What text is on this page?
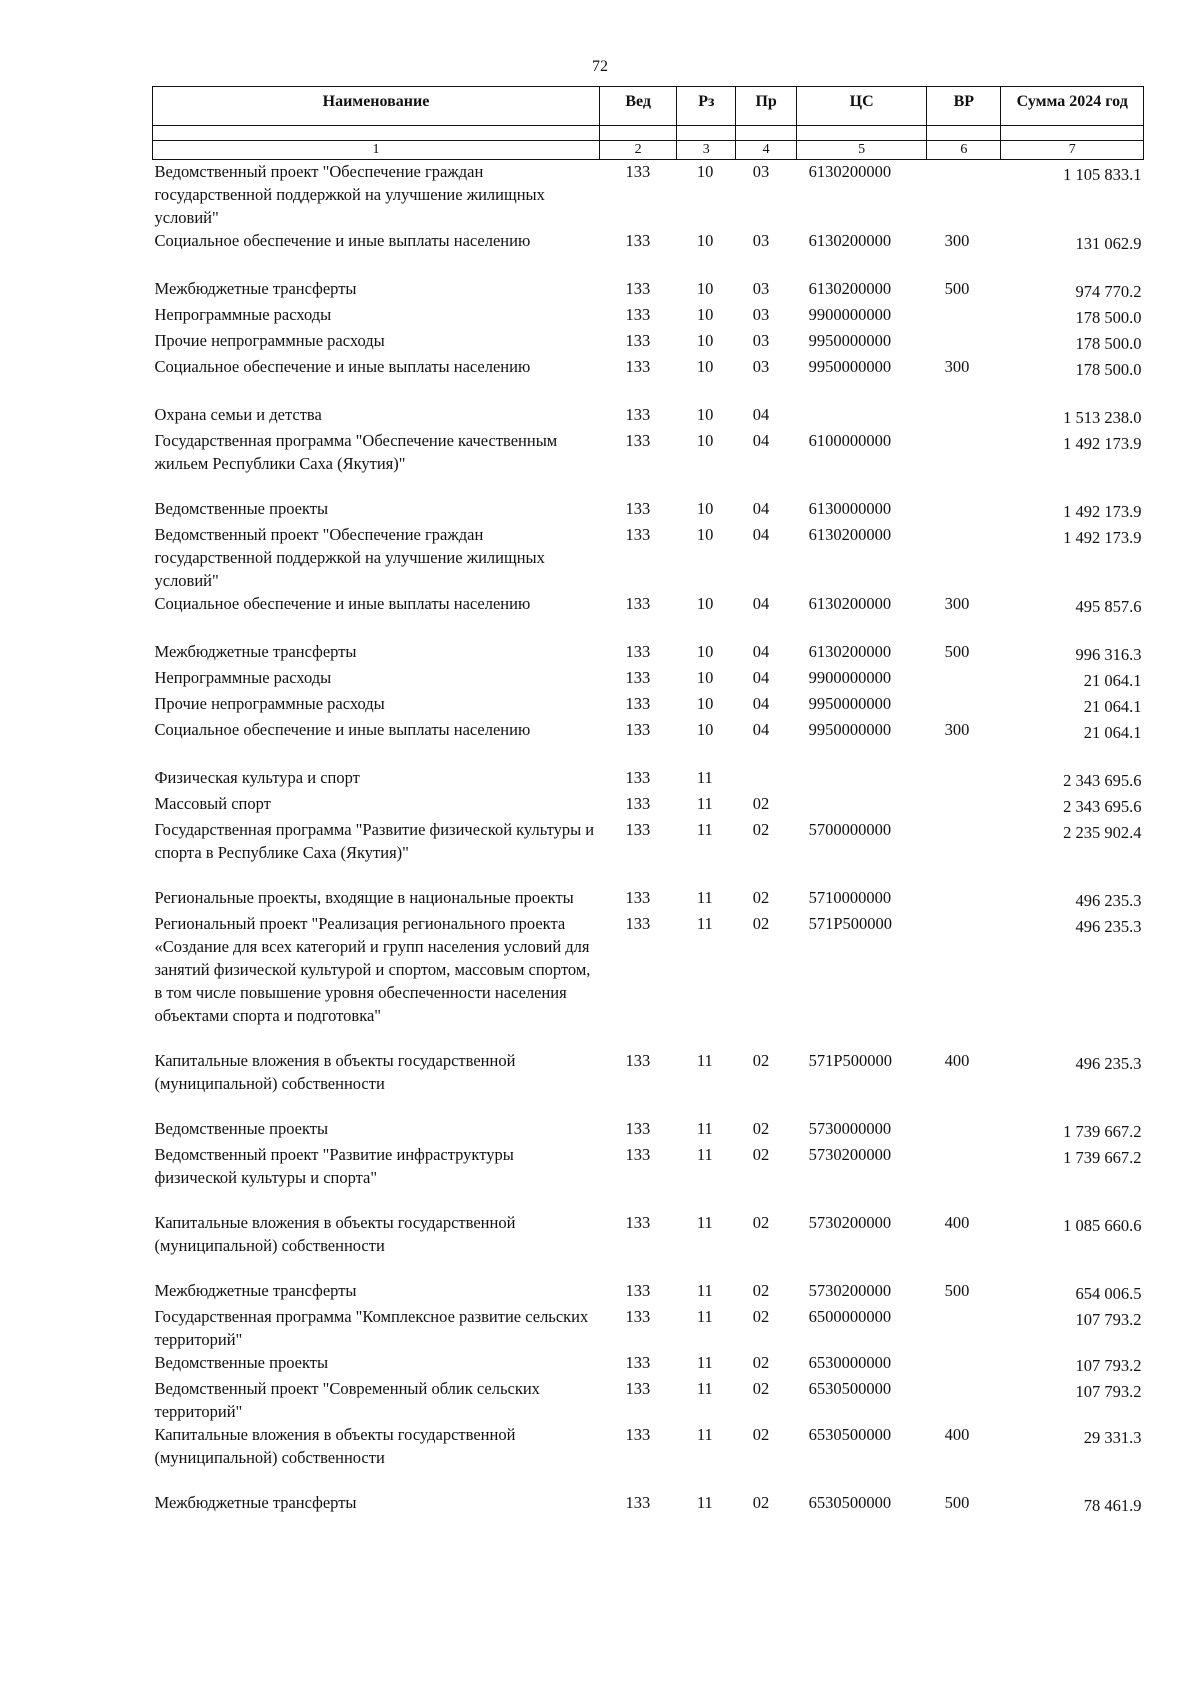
72
Наименование	Вед	Рз	Пр	ЦС	ВР	Сумма 2024 год

1	2	3	4	5	6	7
Ведомственный проект "Обеспечение граждан государственной поддержкой на улучшение жилищных условий"	133	10	03	6130200000		1 105 833.1
Социальное обеспечение и иные выплаты населению	133	10	03	6130200000	300	131 062.9
Межбюджетные трансферты	133	10	03	6130200000	500	974 770.2
Непрограммные расходы	133	10	03	9900000000		178 500.0
Прочие непрограммные расходы	133	10	03	9950000000		178 500.0
Социальное обеспечение и иные выплаты населению	133	10	03	9950000000	300	178 500.0
Охрана семьи и детства	133	10	04			1 513 238.0
Государственная программа "Обеспечение качественным жильем Республики Саха (Якутия)"	133	10	04	6100000000		1 492 173.9
Ведомственные проекты	133	10	04	6130000000		1 492 173.9
Ведомственный проект "Обеспечение граждан государственной поддержкой на улучшение жилищных условий"	133	10	04	6130200000		1 492 173.9
Социальное обеспечение и иные выплаты населению	133	10	04	6130200000	300	495 857.6
Межбюджетные трансферты	133	10	04	6130200000	500	996 316.3
Непрограммные расходы	133	10	04	9900000000		21 064.1
Прочие непрограммные расходы	133	10	04	9950000000		21 064.1
Социальное обеспечение и иные выплаты населению	133	10	04	9950000000	300	21 064.1
Физическая культура и спорт	133	11				2 343 695.6
Массовый спорт	133	11	02			2 343 695.6
Государственная программа "Развитие физической культуры и спорта в Республике Саха (Якутия)"	133	11	02	5700000000		2 235 902.4
Региональные проекты, входящие в национальные проекты	133	11	02	5710000000		496 235.3
Региональный проект "Реализация регионального проекта «Создание для всех категорий и групп населения условий для занятий физической культурой и спортом, массовым спортом, в том числе повышение уровня обеспеченности населения объектами спорта и подготовка"	133	11	02	571P500000		496 235.3
Капитальные вложения в объекты государственной (муниципальной) собственности	133	11	02	571P500000	400	496 235.3
Ведомственные проекты	133	11	02	5730000000		1 739 667.2
Ведомственный проект "Развитие инфраструктуры физической культуры и спорта"	133	11	02	5730200000		1 739 667.2
Капитальные вложения в объекты государственной (муниципальной) собственности	133	11	02	5730200000	400	1 085 660.6
Межбюджетные трансферты	133	11	02	5730200000	500	654 006.5
Государственная программа "Комплексное развитие сельских территорий"	133	11	02	6500000000		107 793.2
Ведомственные проекты	133	11	02	6530000000		107 793.2
Ведомственный проект "Современный облик сельских территорий"	133	11	02	6530500000		107 793.2
Капитальные вложения в объекты государственной (муниципальной) собственности	133	11	02	6530500000	400	29 331.3
Межбюджетные трансферты	133	11	02	6530500000	500	78 461.9
